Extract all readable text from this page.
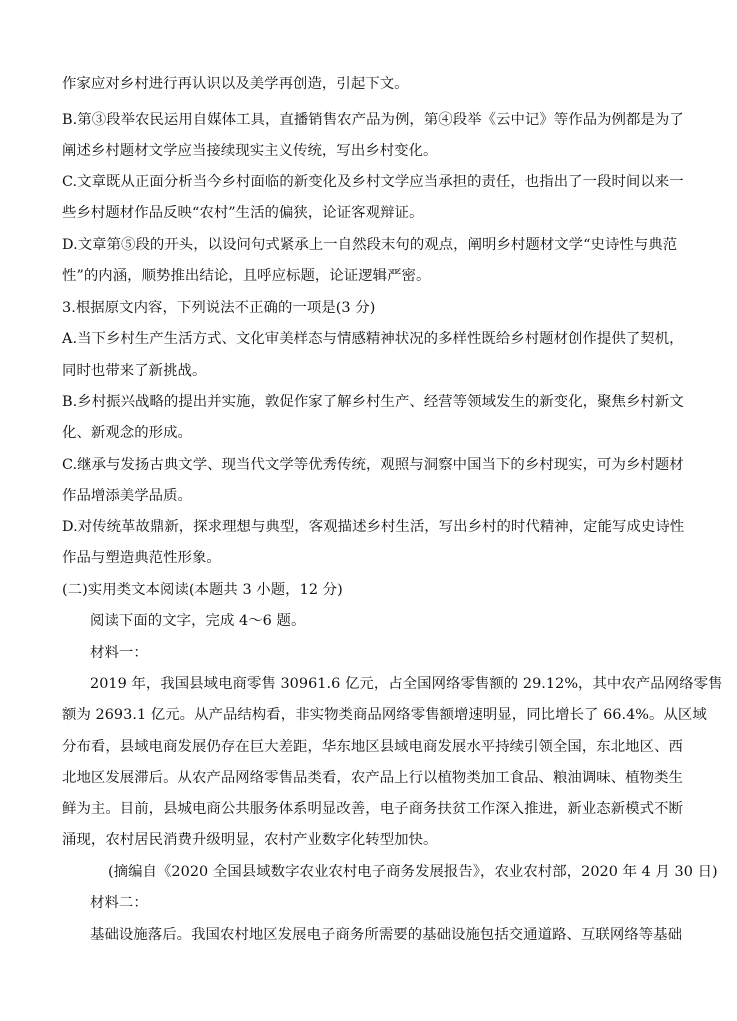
作家应对乡村进行再认识以及美学再创造，引起下文。
B.第③段举农民运用自媒体工具，直播销售农产品为例，第④段举《云中记》等作品为例都是为了
阐述乡村题材文学应当接续现实主义传统，写出乡村变化。
C.文章既从正面分析当今乡村面临的新变化及乡村文学应当承担的责任，也指出了一段时间以来一
些乡村题材作品反映“农村”生活的偏狭，论证客观辩证。
D.文章第⑤段的开头，以设问句式紧承上一自然段末句的观点，阐明乡村题材文学“史诗性与典范
性”的内涵，顺势推出结论，且呼应标题，论证逻辑严密。
3.根据原文内容，下列说法不正确的一项是(3 分)
A.当下乡村生产生活方式、文化审美样态与情感精神状况的多样性既给乡村题材创作提供了契机，
同时也带来了新挑战。
B.乡村振兴战略的提出并实施，敦促作家了解乡村生产、经营等领域发生的新变化，聚焦乡村新文
化、新观念的形成。
C.继承与发扬古典文学、现当代文学等优秀传统，观照与洞察中国当下的乡村现实，可为乡村题材
作品增添美学品质。
D.对传统革故鼎新，探求理想与典型，客观描述乡村生活，写出乡村的时代精神，定能写成史诗性
作品与塑造典范性形象。
(二)实用类文本阅读(本题共 3 小题，12 分)
阅读下面的文字，完成 4～6 题。
材料一：
2019 年，我国县域电商零售 30961.6 亿元，占全国网络零售额的 29.12%，其中农产品网络零售
额为 2693.1 亿元。从产品结构看，非实物类商品网络零售额增速明显，同比增长了 66.4%。从区域
分布看，县域电商发展仍存在巨大差距，华东地区县域电商发展水平持续引领全国，东北地区、西
北地区发展滞后。从农产品网络零售品类看，农产品上行以植物类加工食品、粮油调味、植物类生
鲜为主。目前，县城电商公共服务体系明显改善，电子商务扶贫工作深入推进，新业态新模式不断
涌现，农村居民消费升级明显，农村产业数字化转型加快。
(摘编自《2020 全国县域数字农业农村电子商务发展报告》，农业农村部，2020 年 4 月 30 日)
材料二：
基础设施落后。我国农村地区发展电子商务所需要的基础设施包括交通道路、互联网络等基础
